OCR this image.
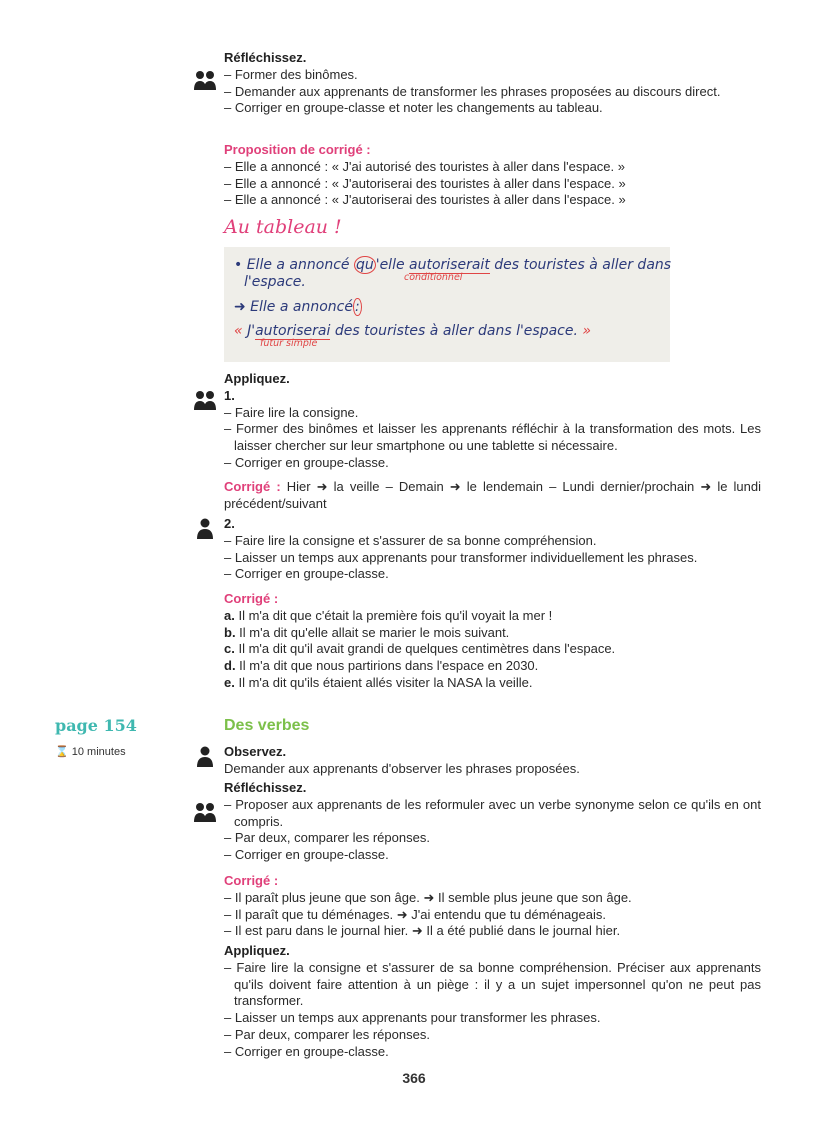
Réfléchissez.
– Former des binômes.
– Demander aux apprenants de transformer les phrases proposées au discours direct.
– Corriger en groupe-classe et noter les changements au tableau.
Proposition de corrigé :
– Elle a annoncé : « J'ai autorisé des touristes à aller dans l'espace. »
– Elle a annoncé : « J'autoriserai des touristes à aller dans l'espace. »
– Elle a annoncé : « J'autoriserai des touristes à aller dans l'espace. »
Au tableau !
• Elle a annoncé qu 'elle autoriserait des touristes à aller dans
conditionnel
l'espace.
➜ Elle a annoncé :
« J'autoriserai des touristes à aller dans l'espace. »
futur simple
Appliquez.
1.
– Faire lire la consigne.
– Former des binômes et laisser les apprenants réfléchir à la transformation des mots. Les laisser chercher sur leur smartphone ou une tablette si nécessaire.
– Corriger en groupe-classe.
Corrigé : Hier ➜ la veille – Demain ➜ le lendemain – Lundi dernier/prochain ➜ le lundi précédent/suivant
2.
– Faire lire la consigne et s'assurer de sa bonne compréhension.
– Laisser un temps aux apprenants pour transformer individuellement les phrases.
– Corriger en groupe-classe.
Corrigé :
a. Il m'a dit que c'était la première fois qu'il voyait la mer !
b. Il m'a dit qu'elle allait se marier le mois suivant.
c. Il m'a dit qu'il avait grandi de quelques centimètres dans l'espace.
d. Il m'a dit que nous partirions dans l'espace en 2030.
e. Il m'a dit qu'ils étaient allés visiter la NASA la veille.
page 154
⌛ 10 minutes
Des verbes
Observez.
Demander aux apprenants d'observer les phrases proposées.
Réfléchissez.
– Proposer aux apprenants de les reformuler avec un verbe synonyme selon ce qu'ils en ont compris.
– Par deux, comparer les réponses.
– Corriger en groupe-classe.
Corrigé :
– Il paraît plus jeune que son âge. ➜ Il semble plus jeune que son âge.
– Il paraît que tu déménages. ➜ J'ai entendu que tu déménageais.
– Il est paru dans le journal hier. ➜ Il a été publié dans le journal hier.
Appliquez.
– Faire lire la consigne et s'assurer de sa bonne compréhension. Préciser aux apprenants qu'ils doivent faire attention à un piège : il y a un sujet impersonnel qu'on ne peut pas transformer.
– Laisser un temps aux apprenants pour transformer les phrases.
– Par deux, comparer les réponses.
– Corriger en groupe-classe.
366
